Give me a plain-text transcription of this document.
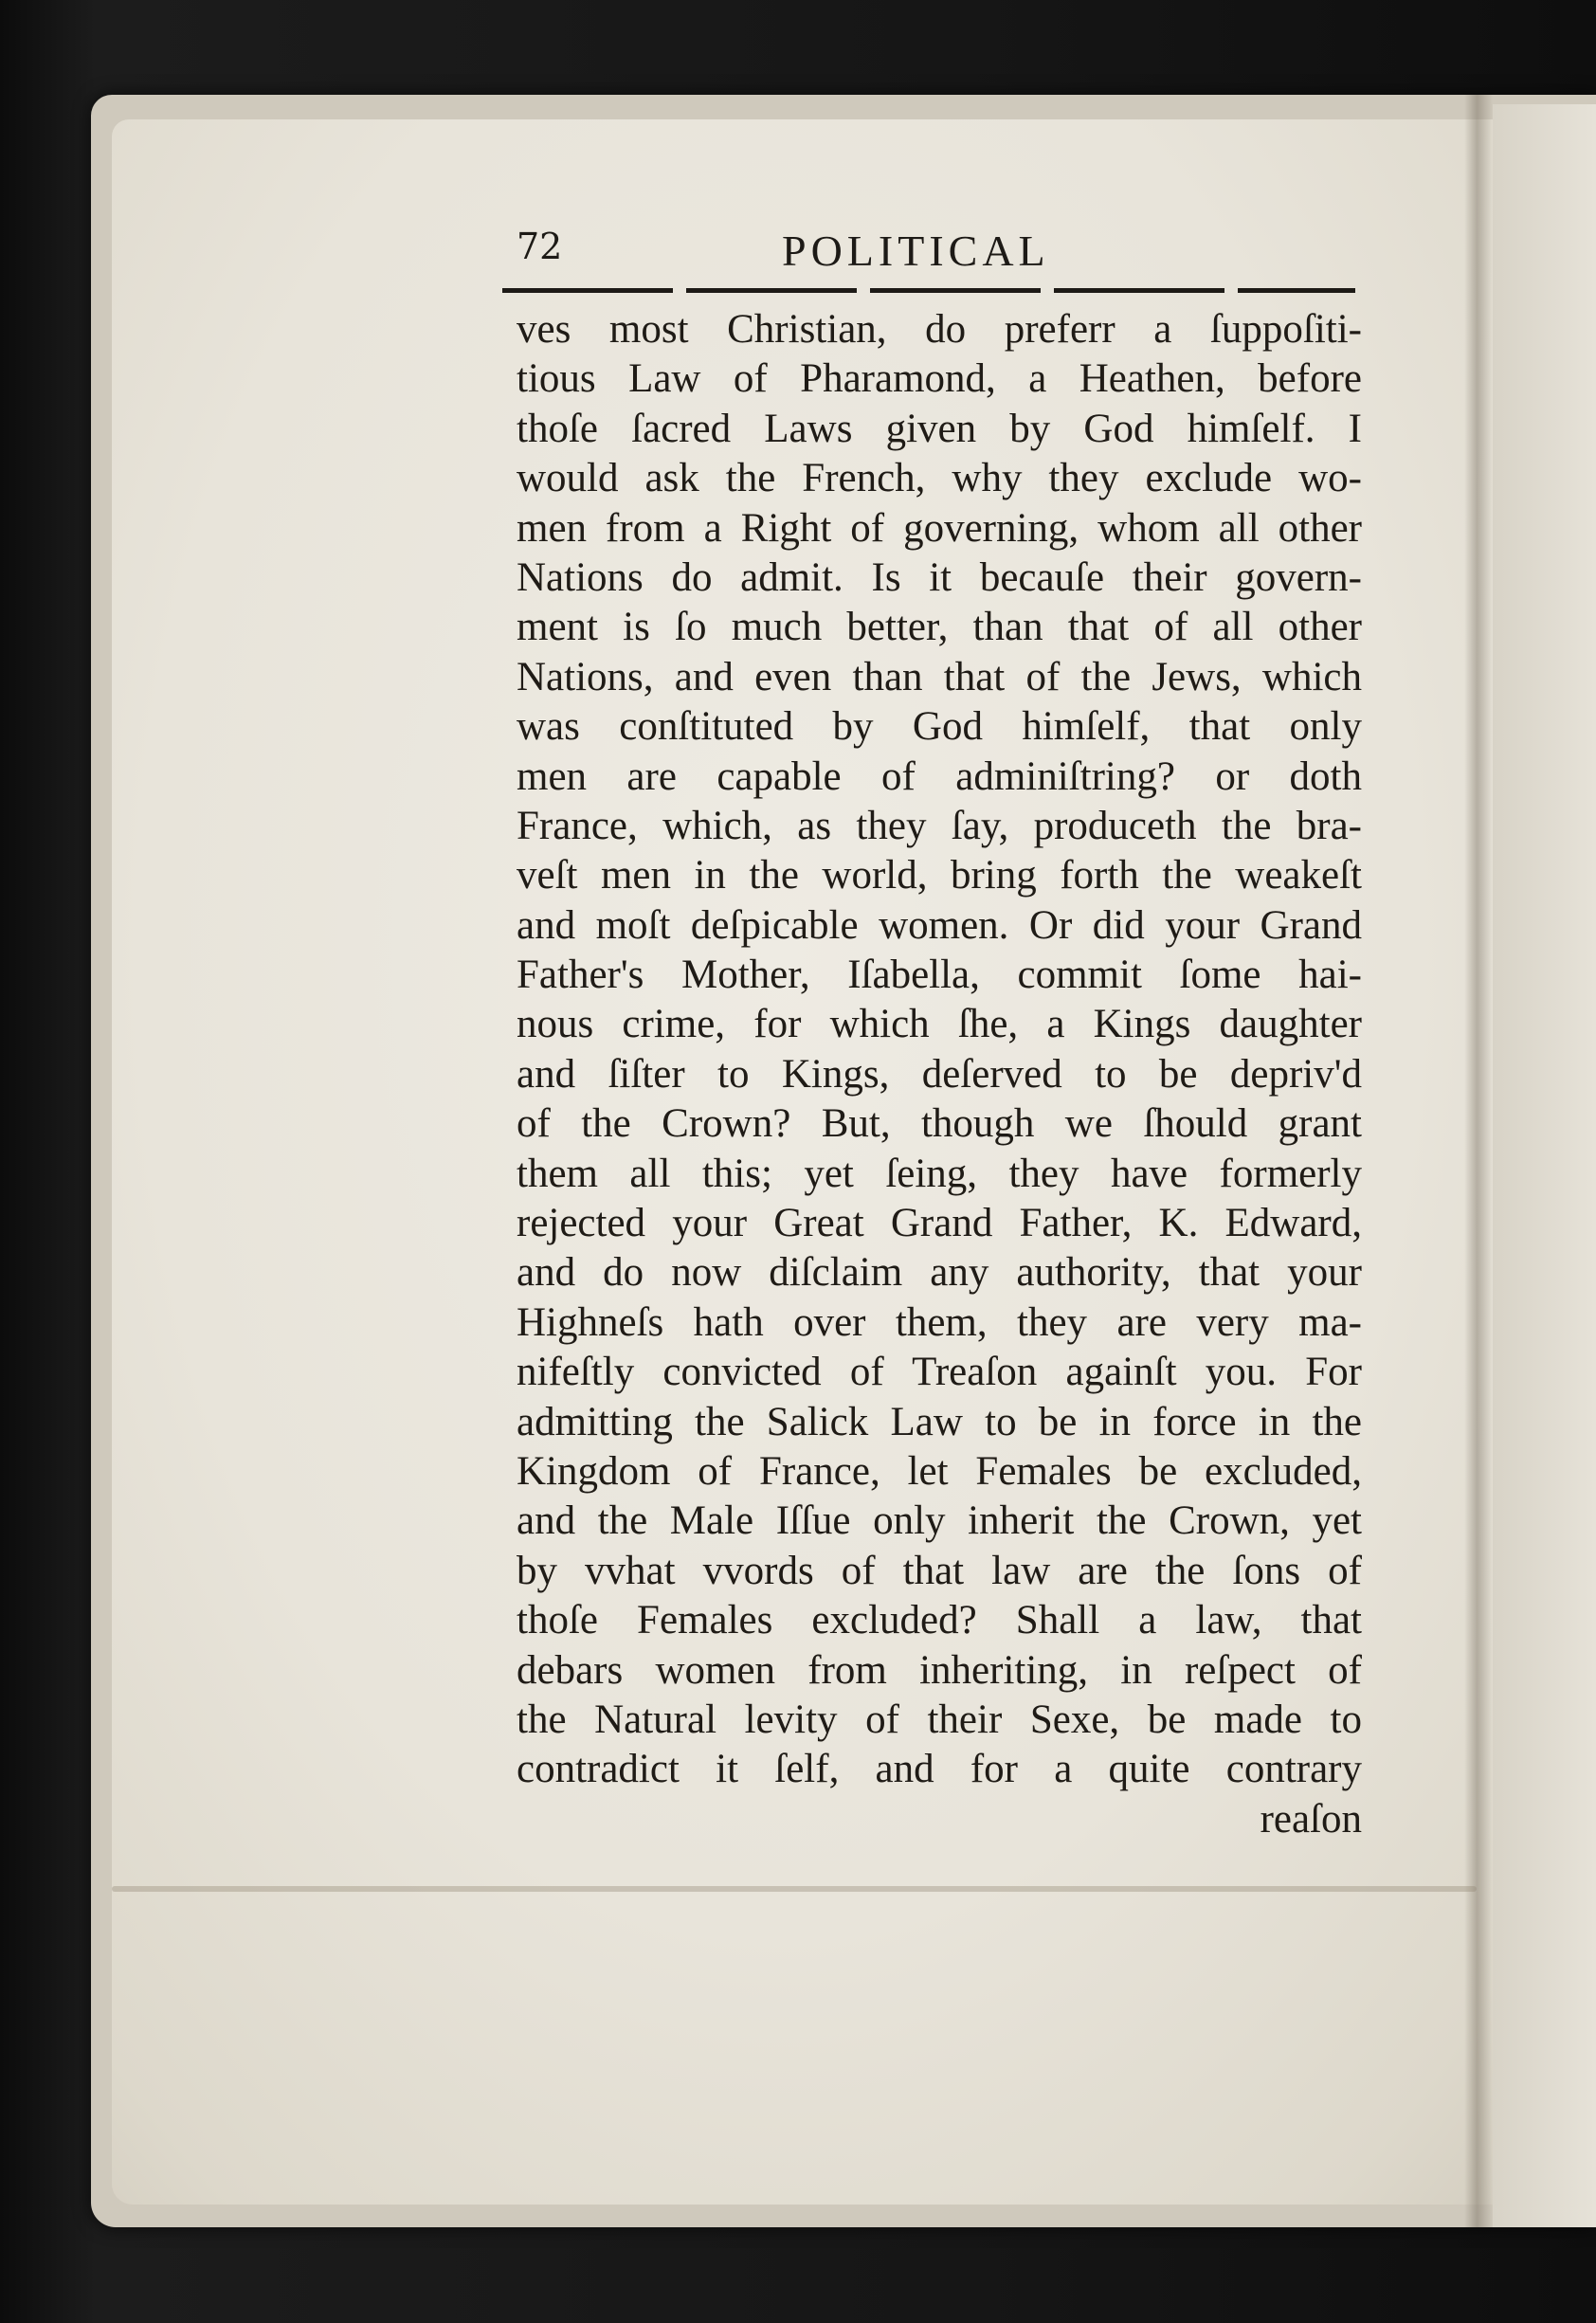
72	POLITICAL
ves most Christian, do preferr a ſuppoſiti-
tious Law of Pharamond, a Heathen, before
thoſe ſacred Laws given by God himſelf. I
would ask the French, why they exclude wo-
men from a Right of governing, whom all other
Nations do admit. Is it becauſe their govern-
ment is ſo much better, than that of all other
Nations, and even than that of the Jews, which
was conſtituted by God himſelf, that only
men are capable of adminiſtring? or doth
France, which, as they ſay, produceth the bra-
veſt men in the world, bring forth the weakeſt
and moſt deſpicable women. Or did your Grand
Father's Mother, Iſabella, commit ſome hai-
nous crime, for which ſhe, a Kings daughter
and ſiſter to Kings, deſerved to be depriv'd
of the Crown? But, though we ſhould grant
them all this; yet ſeing, they have formerly
rejected your Great Grand Father, K. Edward,
and do now diſclaim any authority, that your
Highneſs hath over them, they are very ma-
nifeſtly convicted of Treaſon againſt you. For
admitting the Salick Law to be in force in the
Kingdom of France, let Females be excluded,
and the Male Iſſue only inherit the Crown, yet
by vvhat vvords of that law are the ſons of
thoſe Females excluded? Shall a law, that
debars women from inheriting, in reſpect of
the Natural levity of their Sexe, be made to
contradict it ſelf, and for a quite contrary
reaſon
